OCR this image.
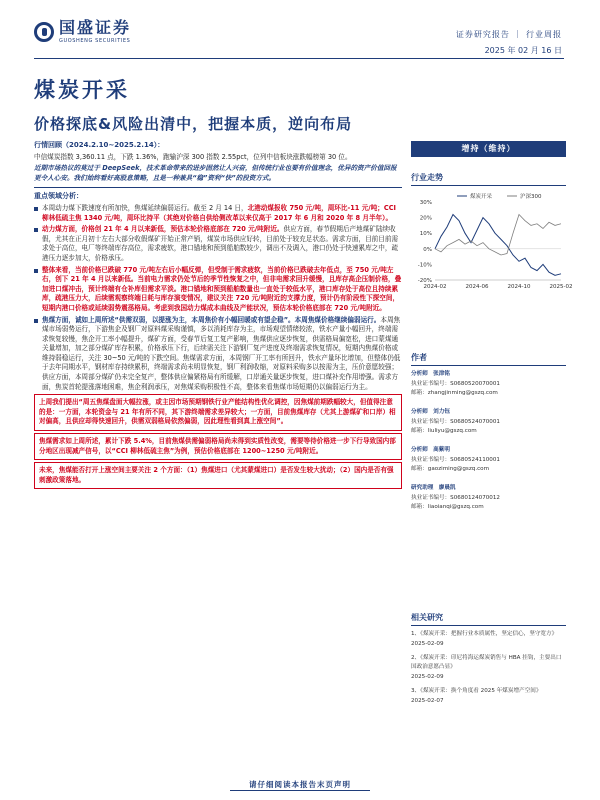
国盛证券
GUOSHENG SECURITIES
证券研究报告 ｜ 行业周报
2025 年 02 月 16 日
煤炭开采
价格探底&风险出清中，把握本质，逆向布局

行情回顾（2024.2.10~2025.2.14）：

中信煤炭指数 3,360.11 点，下跌 1.36%，跑输沪深 300 指数 2.55pct，位列中信板块涨跌幅榜第 30 位。

近期市场热议的莫过于 DeepSeek，技术革命带来的进步固然让人兴奋，但传统行业也要有价值理念，优异的资产价值回报更令人心安。我们始终看好高股息策略，且是一种兼具“稳”资利“快”的投资方式。

重点领域分析：

本周动力煤下跌速度有所加快，焦煤延续偏弱运行。截至 2 月 14 日，北港动煤报收 750 元/吨，周环比-11 元/吨；CCI 柳林低硫主焦 1340 元/吨，周环比持平（其绝对价格自供给侧改革以来仅高于 2017 年 6 月和 2020 年 8 月半年）。
动力煤方面，价格创 21 年 4 月以来新低，预估本轮价格底部在 720 元/吨附近。供应方面，春节假期后产地煤矿陆续收假，尤其在正月初十左右大部分收假煤矿开始正常产销，煤炭市场供应好转，目前处于较充足状态。需求方面，目前目前需求处于高位，电厂等终端库存高位，需求疲软，港口锚地和预到船舶数较少，调出不及调入，港口仍处于快速累库之中，疏港压力逐步加大，价格承压。
整体来看，当前价格已跌破 770 元/吨左右后小幅反弹，但受制于需求疲软，当前价格已跌破去年低点，至 750 元/吨左右，创下 21 年 4 月以来新低。当前电力需求仍处节后的季节性恢复之中，但非电需求回升缓慢，且库存高企压制价格，叠加进口煤冲击，预计终端有仓补库但需求平淡。港口锚地和预到船舶数量也一直处于较低水平，港口库存处于高位且持续累库，疏港压力大，后续需观察终端日耗与库存演变情况，建议关注 720 元/吨附近的支撑力度，预计仍有阶段性下探空间，短期内港口价格或延续弱势震荡格局。考虑到我国动力煤成本曲线及产能状况，预估本轮价格底部在 720 元/吨附近。
焦煤方面，诚如上周所述“供需双弱，以提涨为主，本周焦价有小幅回暖或有望企稳”。本周焦煤价格继续偏弱运行。本周焦煤市场弱势运行，下游焦企及钢厂对原料煤采购谨慎，多以消耗库存为主，市场观望情绪较浓，铁水产量小幅回升，终端需求恢复较慢，焦企开工率小幅提升，煤矿方面，受春节后复工复产影响，焦煤供应逐步恢复，供需格局偏宽松，进口蒙煤通关量增加，加之部分煤矿库存积累，价格承压下行，后续需关注下游钢厂复产进度及终端需求恢复情况，短期内焦煤价格或维持弱稳运行，关注 30~50 元/吨的下跌空间。焦煤需求方面，本周钢厂开工率有所回升，铁水产量环比增加，但整体仍低于去年同期水平，钢材库存持续累积，终端需求尚未明显恢复，钢厂利润收缩，对原料采购多以按需为主，压价意愿较强；供应方面，本周部分煤矿仍未完全复产，整体供应偏紧格局有所缓解，口岸通关量逐步恢复，进口煤补充作用增强。需求方面，焦炭首轮提涨落地困难，焦企利润承压，对焦煤采购积极性不高，整体来看焦煤市场短期仍以偏弱运行为主。

上周我们提出“周五焦煤盘面大幅拉涨，或主因市场预期钢铁行业产能结构性优化调控，因焦煤前期跌幅较大，但值得注意的是：一方面，本轮资金与 21 年有所不同，其下游终端需求差异较大；一方面，目前焦煤库存（尤其上游煤矿和口岸）相对偏高，且供应却得快速回升，供需双弱格局依然偏弱，因此理性看到真上涨空间”。

焦煤需求如上周所述，累计下跌 5.4%，目前焦煤供需偏弱格局尚未得到实质性改变，需要等待价格进一步下行导致国内部分地区出现减产信号，以“CCI 柳林低硫主焦”为例，预估价格底部在 1200~1250 元/吨附近。

未来，焦煤能否打开上涨空间主要关注 2 个方面：（1）焦煤进口（尤其蒙煤进口）是否发生较大扰动；（2）国内是否有强刺激政策落地。

增持（维持）
行业走势
30%
20%
10%
0%
-10%
-20%
2024-02	2024-06	2024-10	2025-02
煤炭开采	沪深300
作者
分析师 张津铭
执业证书编号：S0680520070001
邮箱：zhangjinming@gszq.com
分析师 刘力钰
执业证书编号：S0680524070001
邮箱：liuliyu@gszq.com
分析师 高紫明
执业证书编号：S0680524110001
邮箱：gaoziming@gszq.com
研究助理 廖晨凯
执业证书编号：S0680124070012
邮箱：liaoianqi@gszq.com
相关研究
1、《煤炭开采：把握行业本质属性，坚定信心，坚守宽方》
2025-02-09
2、《煤炭开采：印尼将海运煤炭销售与 HBA 挂钩，主要出口国政治意愿凸显》
2025-02-09
3、《煤炭开采：换个角度看 2025 年煤炭增产空间》
2025-02-07
请仔细阅读本报告末页声明
